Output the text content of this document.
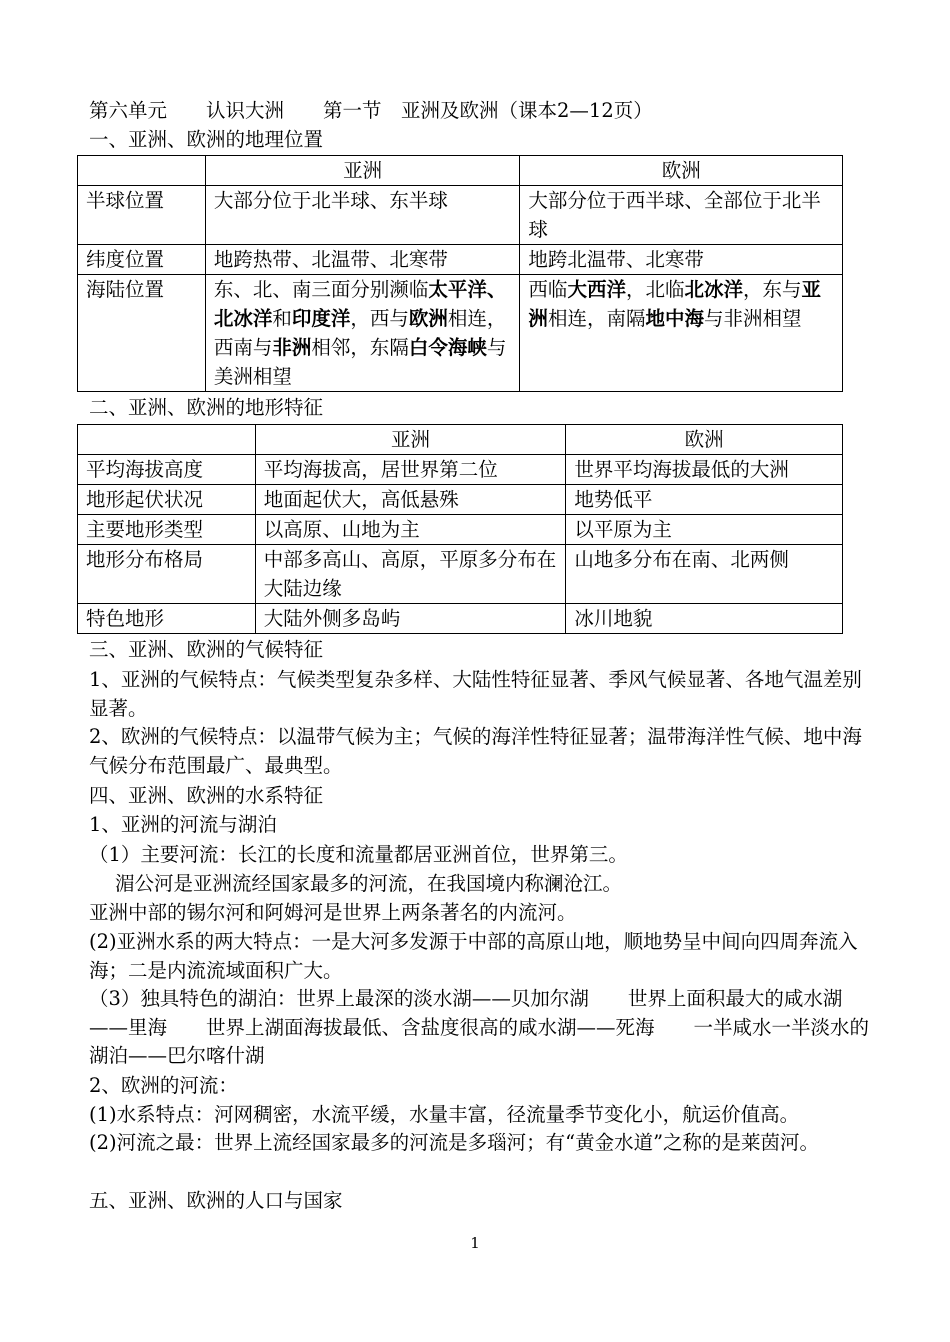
第六单元　　认识大洲　　第一节　亚洲及欧洲（课本2—12页）
一、亚洲、欧洲的地理位置
	亚洲	欧洲
半球位置	大部分位于北半球、东半球	大部分位于西半球、全部位于北半球
纬度位置	地跨热带、北温带、北寒带	地跨北温带、北寒带
海陆位置	东、北、南三面分别濒临太平洋、北冰洋和印度洋，西与欧洲相连，西南与非洲相邻，东隔白令海峡与美洲相望	西临大西洋，北临北冰洋，东与亚洲相连，南隔地中海与非洲相望
二、亚洲、欧洲的地形特征
	亚洲	欧洲
平均海拔高度	平均海拔高，居世界第二位	世界平均海拔最低的大洲
地形起伏状况	地面起伏大，高低悬殊	地势低平
主要地形类型	以高原、山地为主	以平原为主
地形分布格局	中部多高山、高原，平原多分布在大陆边缘	山地多分布在南、北两侧
特色地形	大陆外侧多岛屿	冰川地貌
三、亚洲、欧洲的气候特征
1、亚洲的气候特点：气候类型复杂多样、大陆性特征显著、季风气候显著、各地气温差别显著。
2、欧洲的气候特点：以温带气候为主；气候的海洋性特征显著；温带海洋性气候、地中海气候分布范围最广、最典型。
四、亚洲、欧洲的水系特征
1、亚洲的河流与湖泊
（1）主要河流：长江的长度和流量都居亚洲首位，世界第三。
湄公河是亚洲流经国家最多的河流，在我国境内称澜沧江。
亚洲中部的锡尔河和阿姆河是世界上两条著名的内流河。
(2)亚洲水系的两大特点：一是大河多发源于中部的高原山地，顺地势呈中间向四周奔流入海；二是内流流域面积广大。
（3）独具特色的湖泊：世界上最深的淡水湖——贝加尔湖　　世界上面积最大的咸水湖——里海　　世界上湖面海拔最低、含盐度很高的咸水湖——死海　　一半咸水一半淡水的湖泊——巴尔喀什湖
2、欧洲的河流：
(1)水系特点：河网稠密，水流平缓，水量丰富，径流量季节变化小，航运价值高。
(2)河流之最：世界上流经国家最多的河流是多瑙河；有“黄金水道”之称的是莱茵河。
五、亚洲、欧洲的人口与国家
1
